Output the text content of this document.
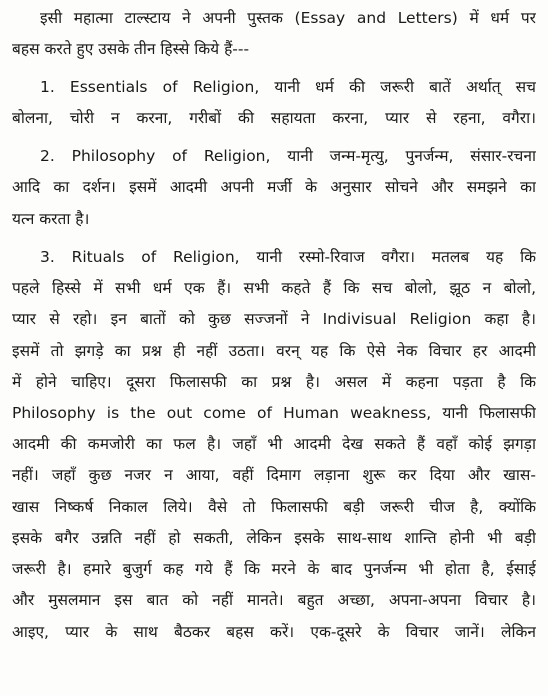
इसी महात्मा टाल्स्टाय ने अपनी पुस्तक (Essay and Letters) में धर्म पर
बहस करते हुए उसके तीन हिस्से किये हैं---
1. Essentials of Religion, यानी धर्म की जरूरी बातें अर्थात् सच
बोलना, चोरी न करना, गरीबों की सहायता करना, प्यार से रहना, वगैरा।
2. Philosophy of Religion, यानी जन्म-मृत्यु, पुनर्जन्म, संसार-रचना
आदि का दर्शन। इसमें आदमी अपनी मर्जी के अनुसार सोचने और समझने का
यत्न करता है।
3. Rituals of Religion, यानी रस्मो-रिवाज वगैरा। मतलब यह कि
पहले हिस्से में सभी धर्म एक हैं। सभी कहते हैं कि सच बोलो, झूठ न बोलो,
प्यार से रहो। इन बातों को कुछ सज्जनों ने Indivisual Religion कहा है।
इसमें तो झगड़े का प्रश्न ही नहीं उठता। वरन् यह कि ऐसे नेक विचार हर आदमी
में होने चाहिए। दूसरा फिलासफी का प्रश्न है। असल में कहना पड़ता है कि
Philosophy is the out come of Human weakness, यानी फिलासफी
आदमी की कमजोरी का फल है। जहाँ भी आदमी देख सकते हैं वहाँ कोई झगड़ा
नहीं। जहाँ कुछ नजर न आया, वहीं दिमाग लड़ाना शुरू कर दिया और खास-
खास निष्कर्ष निकाल लिये। वैसे तो फिलासफी बड़ी जरूरी चीज है, क्योंकि
इसके बगैर उन्नति नहीं हो सकती, लेकिन इसके साथ-साथ शान्ति होनी भी बड़ी
जरूरी है। हमारे बुजुर्ग कह गये हैं कि मरने के बाद पुनर्जन्म भी होता है, ईसाई
और मुसलमान इस बात को नहीं मानते। बहुत अच्छा, अपना-अपना विचार है।
आइए, प्यार के साथ बैठकर बहस करें। एक-दूसरे के विचार जानें। लेकिन
